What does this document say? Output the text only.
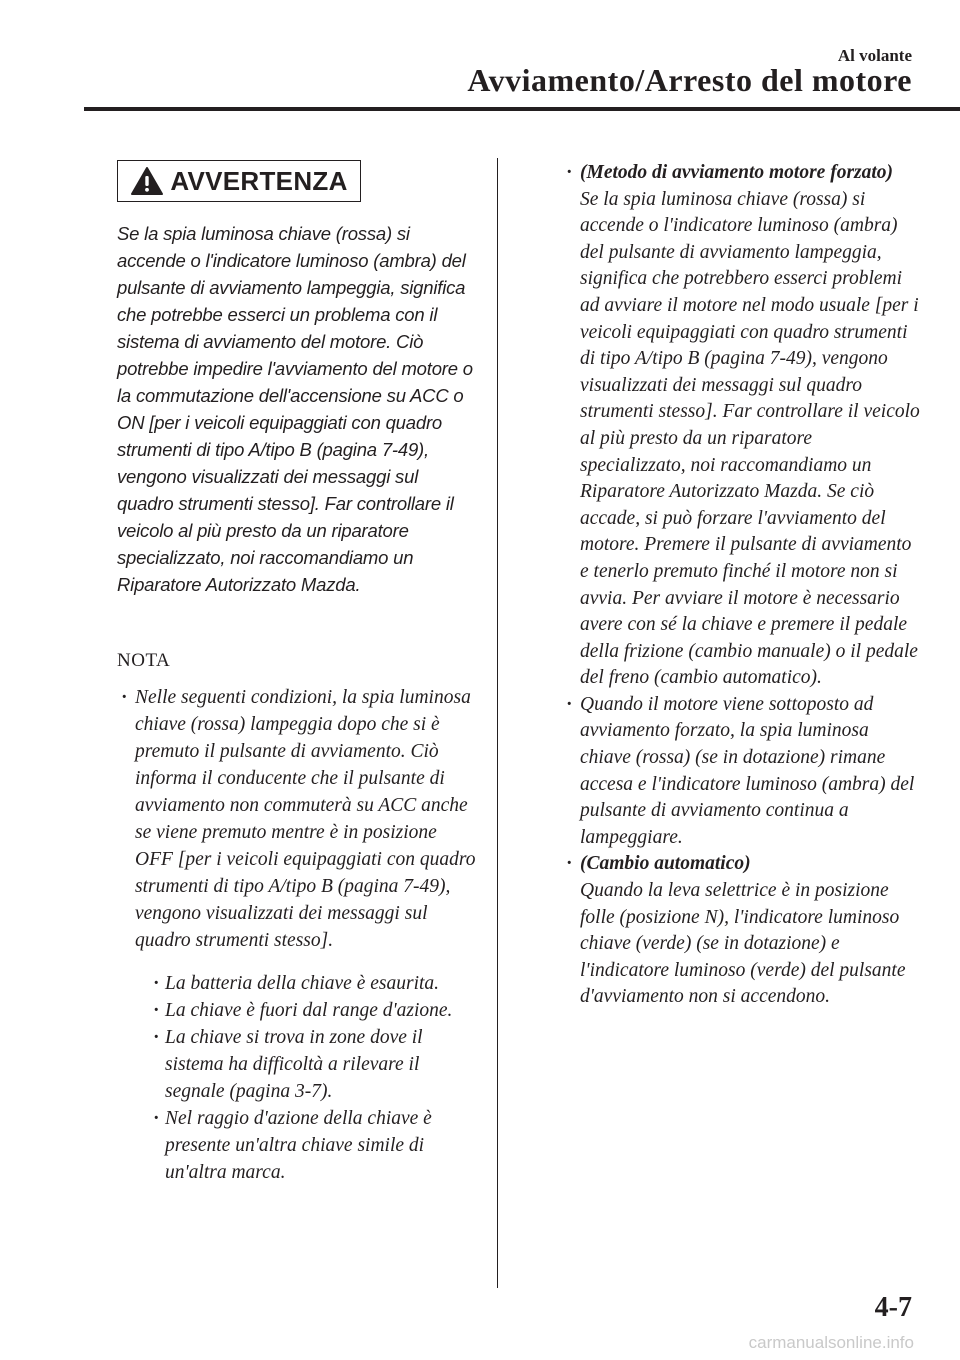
Al volante
Avviamento/Arresto del motore
AVVERTENZA

Se la spia luminosa chiave (rossa) si accende o l'indicatore luminoso (ambra) del pulsante di avviamento lampeggia, significa che potrebbe esserci un problema con il sistema di avviamento del motore. Ciò potrebbe impedire l'avviamento del motore o la commutazione dell'accensione su ACC o ON [per i veicoli equipaggiati con quadro strumenti di tipo A/tipo B (pagina 7-49), vengono visualizzati dei messaggi sul quadro strumenti stesso]. Far controllare il veicolo al più presto da un riparatore specializzato, noi raccomandiamo un Riparatore Autorizzato Mazda.

NOTA
· Nelle seguenti condizioni, la spia luminosa chiave (rossa) lampeggia dopo che si è premuto il pulsante di avviamento. Ciò informa il conducente che il pulsante di avviamento non commuterà su ACC anche se viene premuto mentre è in posizione OFF [per i veicoli equipaggiati con quadro strumenti di tipo A/tipo B (pagina 7-49), vengono visualizzati dei messaggi sul quadro strumenti stesso].
· La batteria della chiave è esaurita.
· La chiave è fuori dal range d'azione.
· La chiave si trova in zone dove il sistema ha difficoltà a rilevare il segnale (pagina 3-7).
· Nel raggio d'azione della chiave è presente un'altra chiave simile di un'altra marca.
· (Metodo di avviamento motore forzato)
Se la spia luminosa chiave (rossa) si accende o l'indicatore luminoso (ambra) del pulsante di avviamento lampeggia, significa che potrebbero esserci problemi ad avviare il motore nel modo usuale [per i veicoli equipaggiati con quadro strumenti di tipo A/tipo B (pagina 7-49), vengono visualizzati dei messaggi sul quadro strumenti stesso]. Far controllare il veicolo al più presto da un riparatore specializzato, noi raccomandiamo un Riparatore Autorizzato Mazda. Se ciò accade, si può forzare l'avviamento del motore. Premere il pulsante di avviamento e tenerlo premuto finché il motore non si avvia. Per avviare il motore è necessario avere con sé la chiave e premere il pedale della frizione (cambio manuale) o il pedale del freno (cambio automatico).
· Quando il motore viene sottoposto ad avviamento forzato, la spia luminosa chiave (rossa) (se in dotazione) rimane accesa e l'indicatore luminoso (ambra) del pulsante di avviamento continua a lampeggiare.
· (Cambio automatico)
Quando la leva selettrice è in posizione folle (posizione N), l'indicatore luminoso chiave (verde) (se in dotazione) e l'indicatore luminoso (verde) del pulsante d'avviamento non si accendono.
4-7
carmanualsonline.info
